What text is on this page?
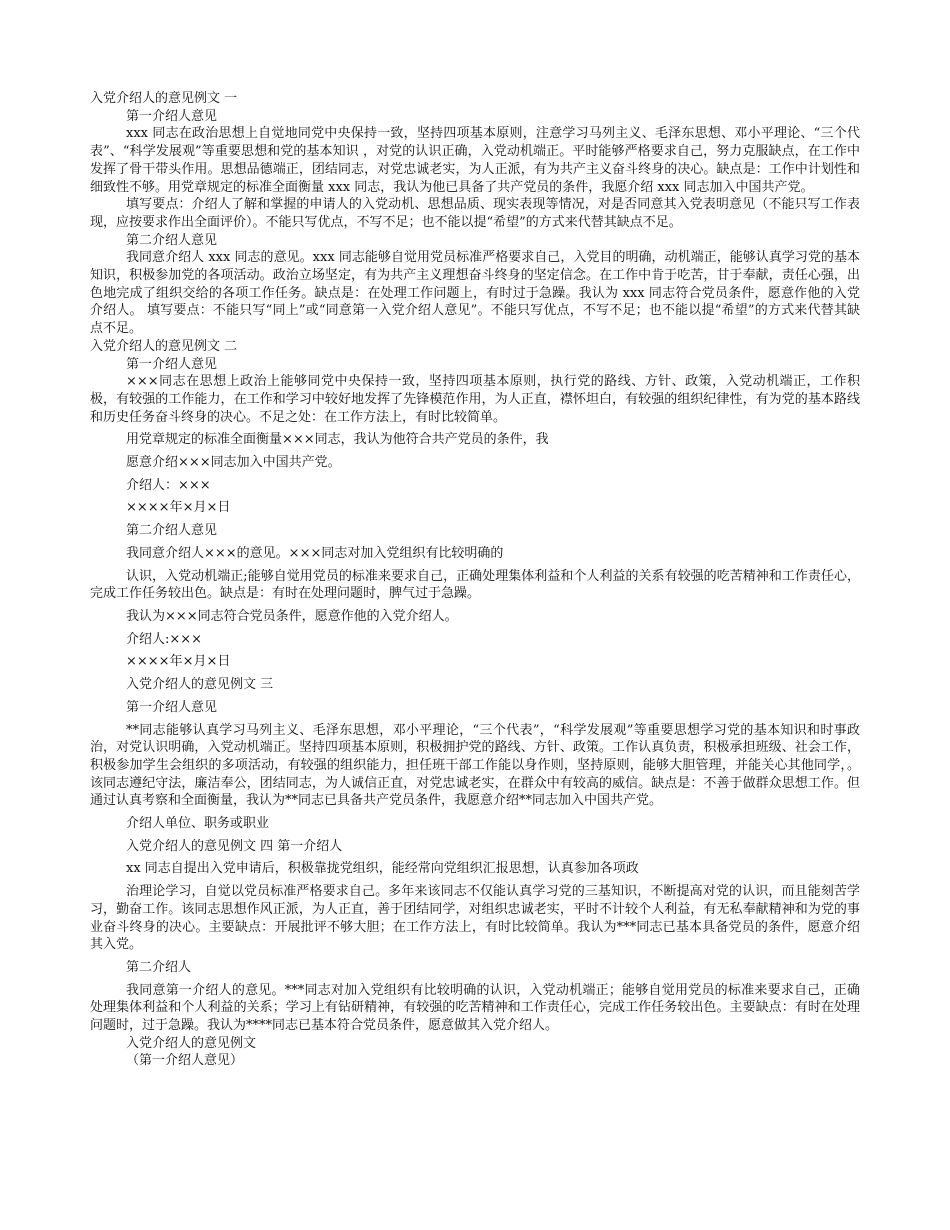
入党介绍人的意见例文 一

第一介绍人意见

xxx 同志在政治思想上自觉地同党中央保持一致，坚持四项基本原则，注意学习马列主义、毛泽东思想、邓小平理论、“三个代表”、“科学发展观”等重要思想和党的基本知识 ，对党的认识正确，入党动机端正。平时能够严格要求自己，努力克服缺点，在工作中发挥了骨干带头作用。思想品德端正，团结同志，对党忠诚老实，为人正派，有为共产主义奋斗终身的决心。缺点是：工作中计划性和细致性不够。用党章规定的标准全面衡量 xxx 同志，我认为他已具备了共产党员的条件，我愿介绍 xxx 同志加入中国共产党。

填写要点：介绍人了解和掌握的申请人的入党动机、思想品质、现实表现等情况，对是否同意其入党表明意见（不能只写工作表现，应按要求作出全面评价）。不能只写优点，不写不足；也不能以提“希望”的方式来代替其缺点不足。

第二介绍人意见

我同意介绍人 xxx 同志的意见。xxx 同志能够自觉用党员标准严格要求自己，入党目的明确，动机端正，能够认真学习党的基本知识，积极参加党的各项活动。政治立场坚定，有为共产主义理想奋斗终身的坚定信念。在工作中肯于吃苦，甘于奉献，责任心强，出色地完成了组织交给的各项工作任务。缺点是：在处理工作问题上，有时过于急躁。我认为 xxx 同志符合党员条件，愿意作他的入党介绍人。 填写要点：不能只写“同上”或“同意第一入党介绍人意见”。不能只写优点，不写不足；也不能以提“希望”的方式来代替其缺点不足。

入党介绍人的意见例文 二

第一介绍人意见

×××同志在思想上政治上能够同党中央保持一致，坚持四项基本原则，执行党的路线、方针、政策，入党动机端正，工作积极，有较强的工作能力，在工作和学习中较好地发挥了先锋模范作用，为人正直，襟怀坦白，有较强的组织纪律性，有为党的基本路线和历史任务奋斗终身的决心。不足之处：在工作方法上，有时比较简单。

用党章规定的标准全面衡量×××同志，我认为他符合共产党员的条件，我

愿意介绍×××同志加入中国共产党。

介绍人：×××

××××年×月×日

第二介绍人意见

我同意介绍人×××的意见。×××同志对加入党组织有比较明确的

认识，入党动机端正;能够自觉用党员的标准来要求自己，正确处理集体利益和个人利益的关系有较强的吃苦精神和工作责任心，完成工作任务较出色。缺点是：有时在处理问题时，脾气过于急躁。

我认为×××同志符合党员条件，愿意作他的入党介绍人。

介绍人:×××

××××年×月×日

入党介绍人的意见例文 三

第一介绍人意见

**同志能够认真学习马列主义、毛泽东思想，邓小平理论，“三个代表”，“科学发展观”等重要思想学习党的基本知识和时事政治，对党认识明确，入党动机端正。坚持四项基本原则，积极拥护党的路线、方针、政策。工作认真负责，积极承担班级、社会工作，积极参加学生会组织的多项活动，有较强的组织能力，担任班干部工作能以身作则，坚持原则，能够大胆管理，并能关心其他同学，。该同志遵纪守法，廉洁奉公，团结同志，为人诚信正直，对党忠诚老实，在群众中有较高的威信。缺点是：不善于做群众思想工作。但通过认真考察和全面衡量，我认为**同志已具备共产党员条件，我愿意介绍**同志加入中国共产党。

介绍人单位、职务或职业

入党介绍人的意见例文 四 第一介绍人

xx 同志自提出入党申请后，积极靠拢党组织，能经常向党组织汇报思想，认真参加各项政

治理论学习，自觉以党员标准严格要求自己。多年来该同志不仅能认真学习党的三基知识，不断提高对党的认识，而且能刻苦学习，勤奋工作。该同志思想作风正派，为人正直，善于团结同学，对组织忠诚老实，平时不计较个人利益，有无私奉献精神和为党的事业奋斗终身的决心。主要缺点：开展批评不够大胆；在工作方法上，有时比较简单。我认为***同志已基本具备党员的条件，愿意介绍其入党。

第二介绍人

我同意第一介绍人的意见。***同志对加入党组织有比较明确的认识，入党动机端正；能够自觉用党员的标准来要求自己，正确处理集体利益和个人利益的关系；学习上有钻研精神，有较强的吃苦精神和工作责任心，完成工作任务较出色。主要缺点：有时在处理问题时，过于急躁。我认为****同志已基本符合党员条件，愿意做其入党介绍人。

入党介绍人的意见例文

（第一介绍人意见）
